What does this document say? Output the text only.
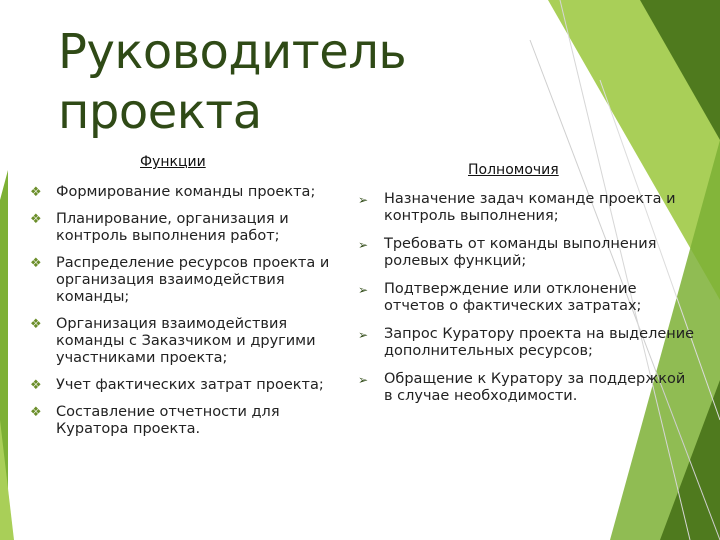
Руководитель
проекта
Функции	Полномочия
❖ Формирование команды проекта;
❖ Планирование, организация и контроль выполнения работ;
❖ Распределение ресурсов проекта и организация взаимодействия команды;
❖ Организация взаимодействия команды с Заказчиком и другими участниками проекта;
❖ Учет фактических затрат проекта;
❖ Составление отчетности для Куратора проекта.
➢ Назначение задач команде проекта и контроль выполнения;
➢ Требовать от команды выполнения ролевых функций;
➢ Подтверждение или отклонение отчетов о фактических затратах;
➢ Запрос Куратору проекта на выделение дополнительных ресурсов;
➢ Обращение к Куратору за поддержкой в случае необходимости.
